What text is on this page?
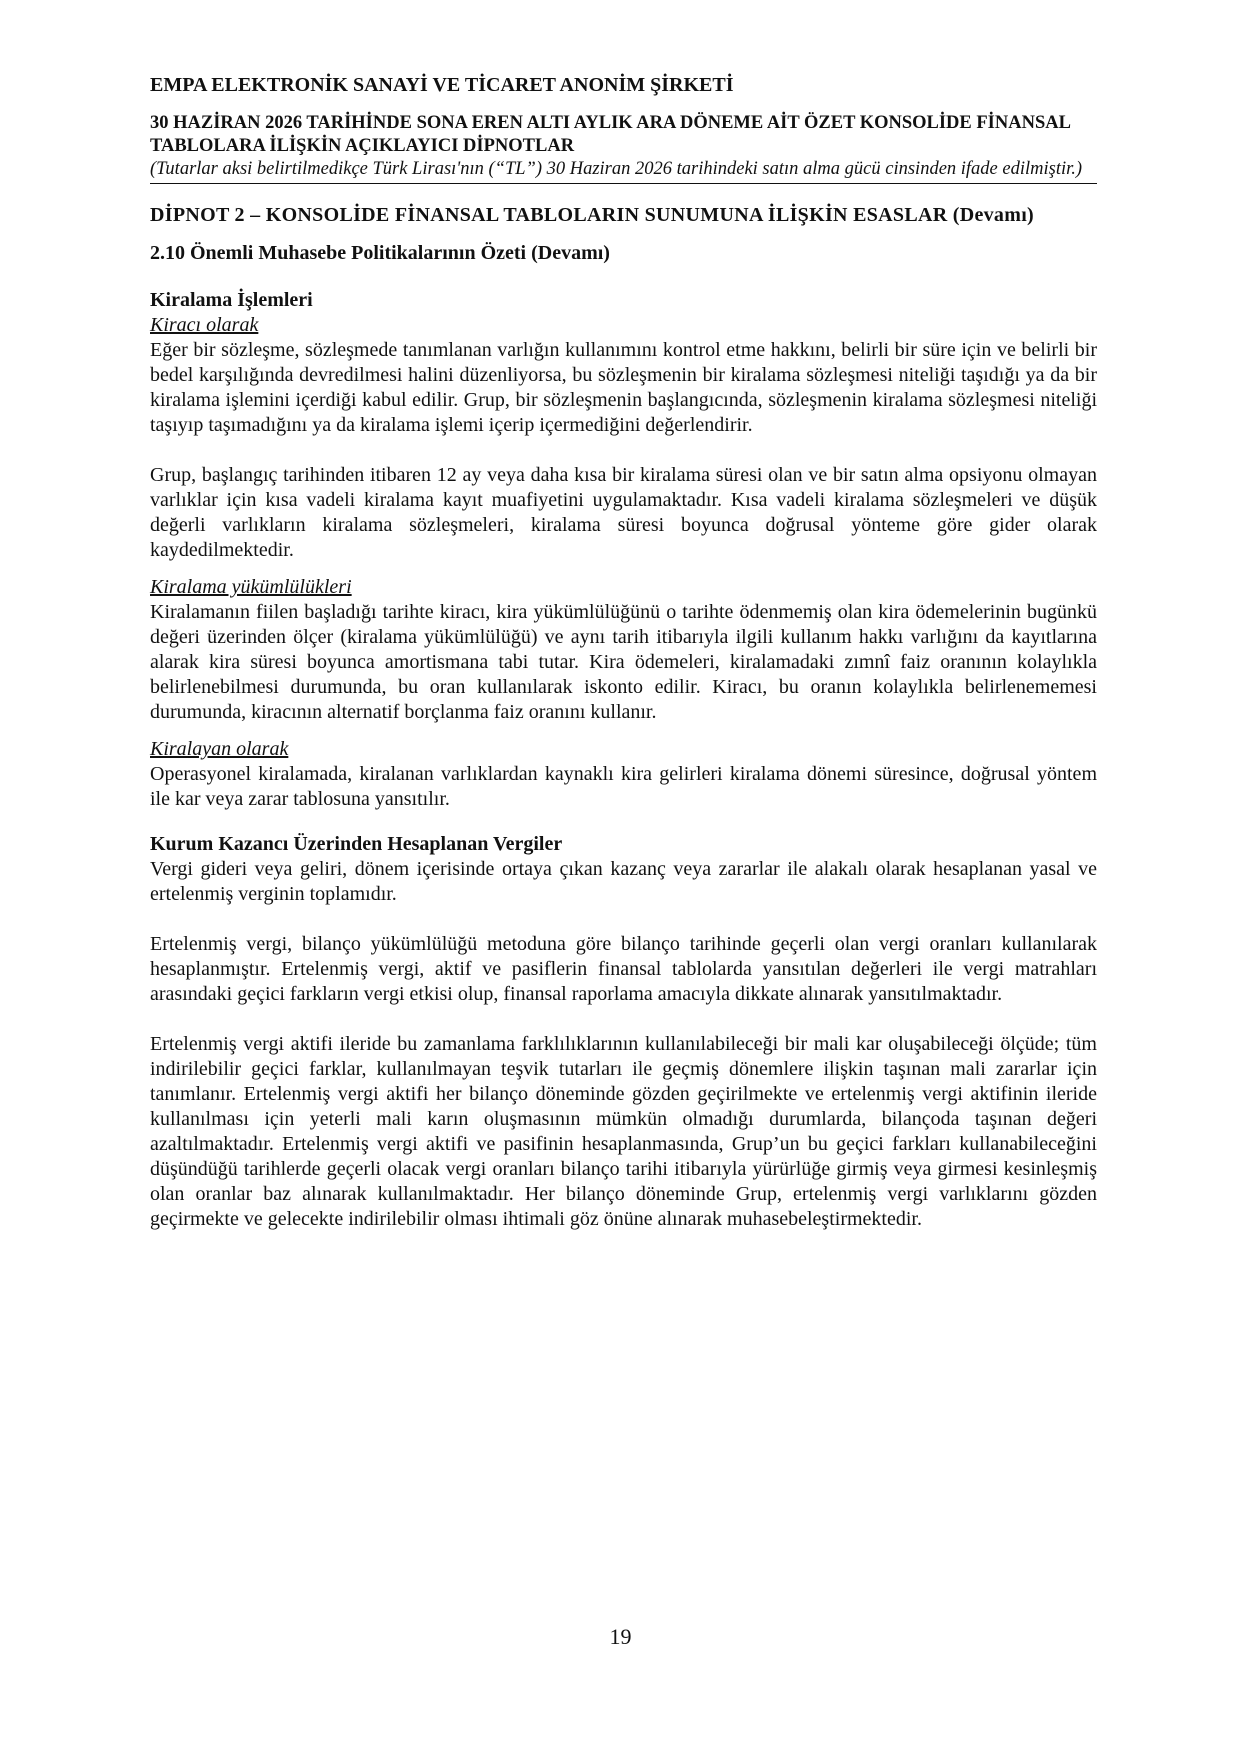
EMPA ELEKTRONİK SANAYİ VE TİCARET ANONİM ŞİRKETİ

30 HAZİRAN 2026 TARİHİNDE SONA EREN ALTI AYLIK ARA DÖNEME AİT ÖZET KONSOLİDE FİNANSAL TABLOLARA İLİŞKİN AÇIKLAYICI DİPNOTLAR

(Tutarlar aksi belirtilmedikçe Türk Lirası'nın (“TL”) 30 Haziran 2026 tarihindeki satın alma gücü cinsinden ifade edilmiştir.)

DİPNOT 2 – KONSOLİDE FİNANSAL TABLOLARIN SUNUMUNA İLİŞKİN ESASLAR (Devamı)

2.10 Önemli Muhasebe Politikalarının Özeti (Devamı)

Kiralama İşlemleri

Kiracı olarak

Eğer bir sözleşme, sözleşmede tanımlanan varlığın kullanımını kontrol etme hakkını, belirli bir süre için ve belirli bir bedel karşılığında devredilmesi halini düzenliyorsa, bu sözleşmenin bir kiralama sözleşmesi niteliği taşıdığı ya da bir kiralama işlemini içerdiği kabul edilir. Grup, bir sözleşmenin başlangıcında, sözleşmenin kiralama sözleşmesi niteliği taşıyıp taşımadığını ya da kiralama işlemi içerip içermediğini değerlendirir.

Grup, başlangıç tarihinden itibaren 12 ay veya daha kısa bir kiralama süresi olan ve bir satın alma opsiyonu olmayan varlıklar için kısa vadeli kiralama kayıt muafiyetini uygulamaktadır. Kısa vadeli kiralama sözleşmeleri ve düşük değerli varlıkların kiralama sözleşmeleri, kiralama süresi boyunca doğrusal yönteme göre gider olarak kaydedilmektedir.

Kiralama yükümlülükleri

Kiralamanın fiilen başladığı tarihte kiracı, kira yükümlülüğünü o tarihte ödenmemiş olan kira ödemelerinin bugünkü değeri üzerinden ölçer (kiralama yükümlülüğü) ve aynı tarih itibarıyla ilgili kullanım hakkı varlığını da kayıtlarına alarak kira süresi boyunca amortismana tabi tutar. Kira ödemeleri, kiralamadaki zımnî faiz oranının kolaylıkla belirlenebilmesi durumunda, bu oran kullanılarak iskonto edilir. Kiracı, bu oranın kolaylıkla belirlenememesi durumunda, kiracının alternatif borçlanma faiz oranını kullanır.

Kiralayan olarak

Operasyonel kiralamada, kiralanan varlıklardan kaynaklı kira gelirleri kiralama dönemi süresince, doğrusal yöntem ile kar veya zarar tablosuna yansıtılır.

Kurum Kazancı Üzerinden Hesaplanan Vergiler

Vergi gideri veya geliri, dönem içerisinde ortaya çıkan kazanç veya zararlar ile alakalı olarak hesaplanan yasal ve ertelenmiş verginin toplamıdır.

Ertelenmiş vergi, bilanço yükümlülüğü metoduna göre bilanço tarihinde geçerli olan vergi oranları kullanılarak hesaplanmıştır. Ertelenmiş vergi, aktif ve pasiflerin finansal tablolarda yansıtılan değerleri ile vergi matrahları arasındaki geçici farkların vergi etkisi olup, finansal raporlama amacıyla dikkate alınarak yansıtılmaktadır.

Ertelenmiş vergi aktifi ileride bu zamanlama farklılıklarının kullanılabileceği bir mali kar oluşabileceği ölçüde; tüm indirilebilir geçici farklar, kullanılmayan teşvik tutarları ile geçmiş dönemlere ilişkin taşınan mali zararlar için tanımlanır. Ertelenmiş vergi aktifi her bilanço döneminde gözden geçirilmekte ve ertelenmiş vergi aktifinin ileride kullanılması için yeterli mali karın oluşmasının mümkün olmadığı durumlarda, bilançoda taşınan değeri azaltılmaktadır. Ertelenmiş vergi aktifi ve pasifinin hesaplanmasında, Grup’un bu geçici farkları kullanabileceğini düşündüğü tarihlerde geçerli olacak vergi oranları bilanço tarihi itibarıyla yürürlüğe girmiş veya girmesi kesinleşmiş olan oranlar baz alınarak kullanılmaktadır. Her bilanço döneminde Grup, ertelenmiş vergi varlıklarını gözden geçirmekte ve gelecekte indirilebilir olması ihtimali göz önüne alınarak muhasebeleştirmektedir.

19
